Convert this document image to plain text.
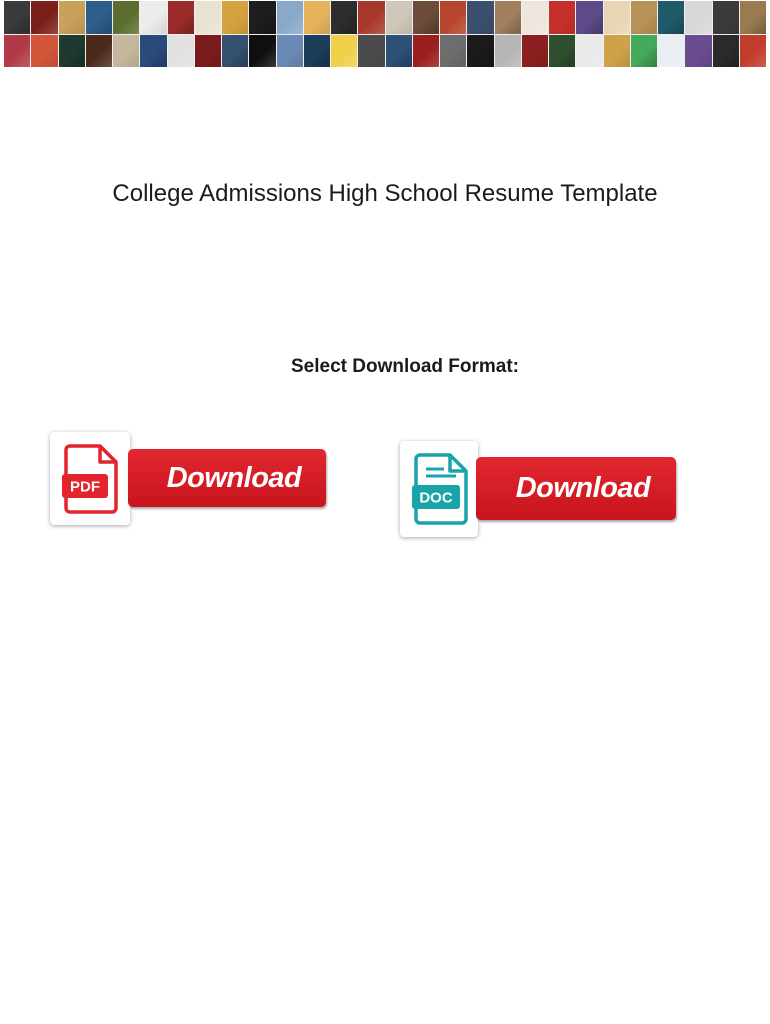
College Admissions High School Resume Template
Select Download Format:
PDF	Download
DOC	Download
